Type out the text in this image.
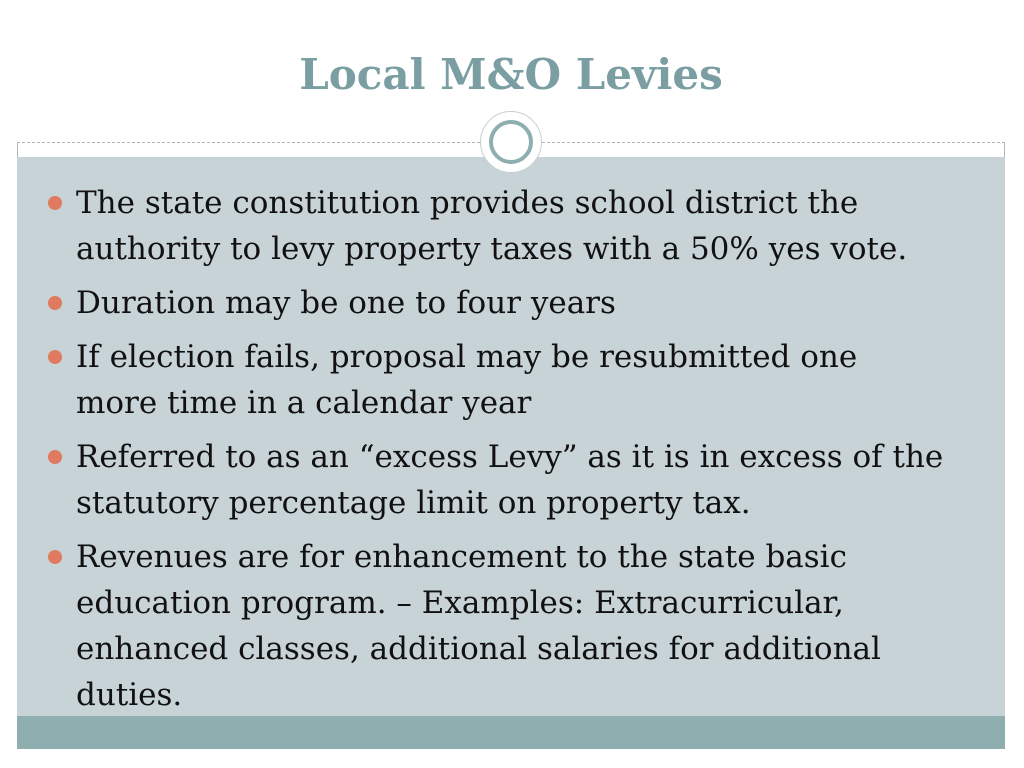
Local M&O Levies
The state constitution provides school district the authority to levy property taxes with a 50% yes vote.
Duration may be one to four years
If election fails, proposal may be resubmitted one more time in a calendar year
Referred to as an “excess Levy” as it is in excess of the statutory percentage limit on property tax.
Revenues are for enhancement to the state basic education program. – Examples: Extracurricular, enhanced classes, additional salaries for additional duties.
